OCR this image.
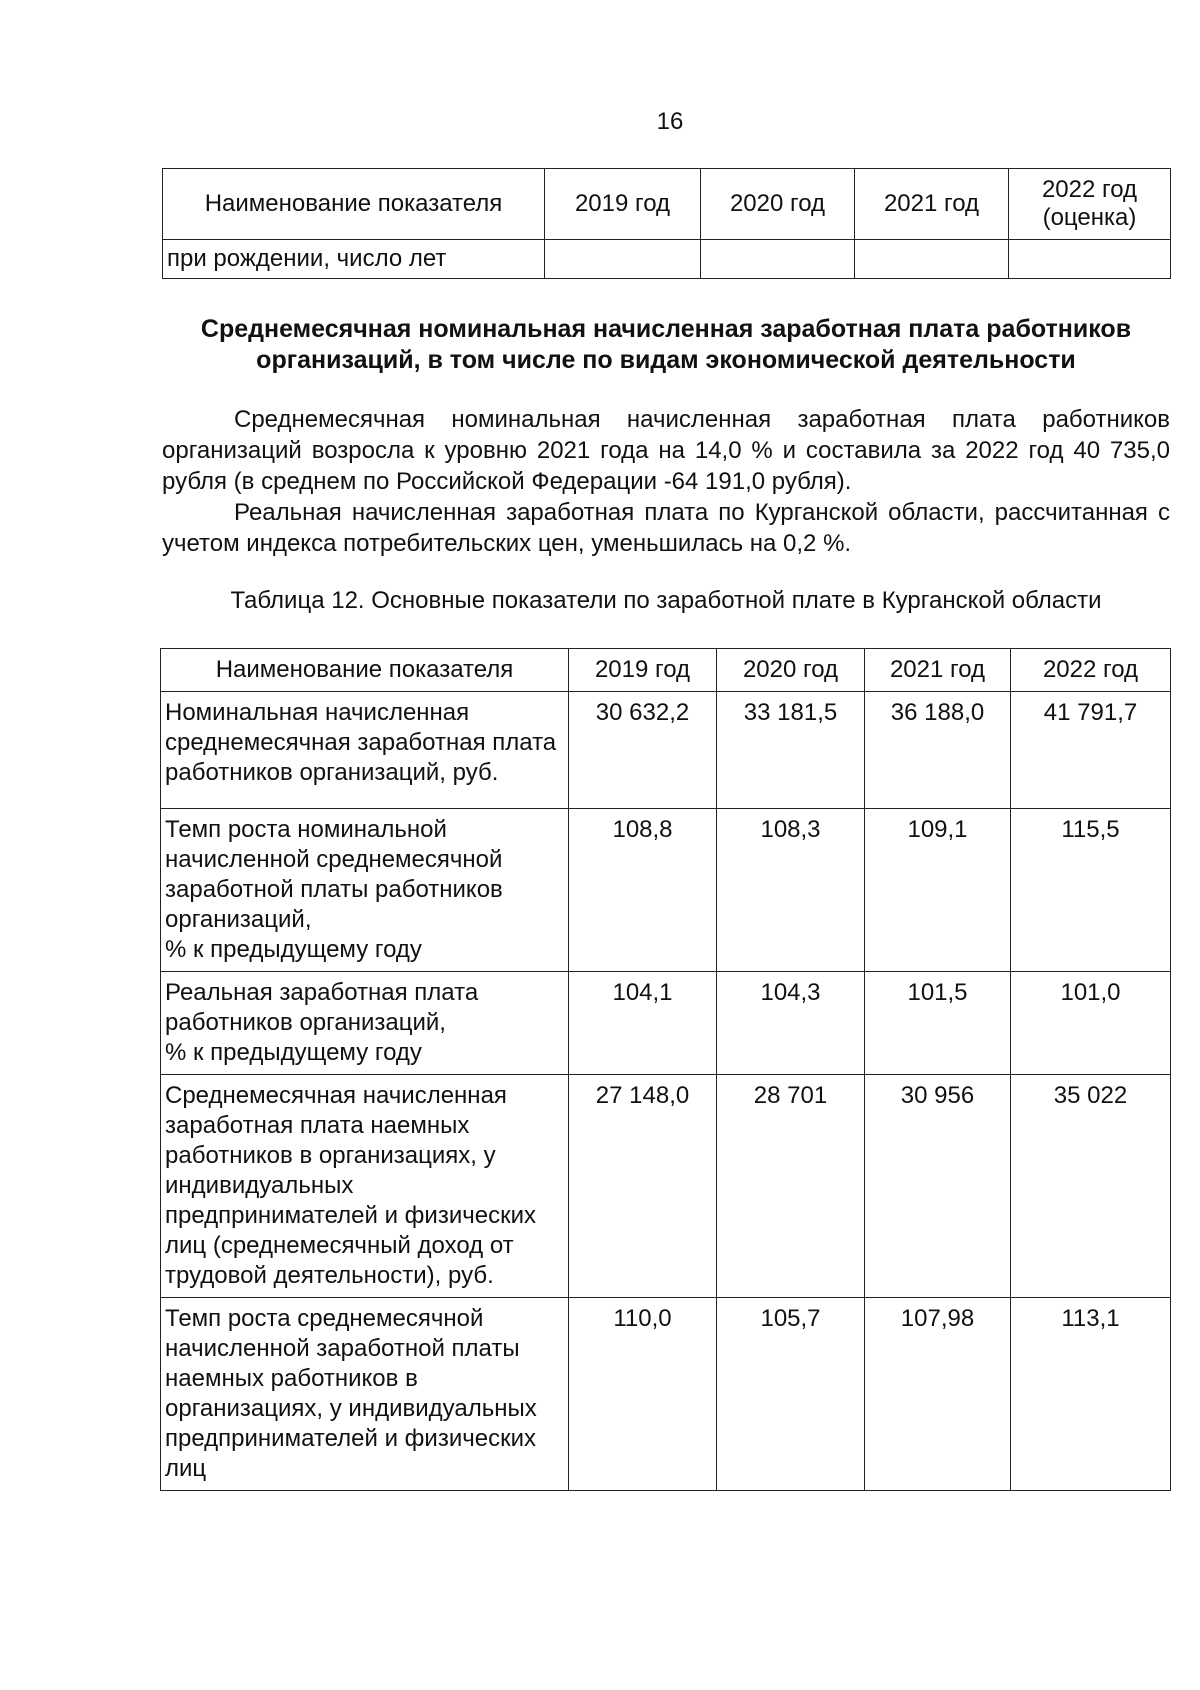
16
Наименование показателя	2019 год	2020 год	2021 год	2022 год (оценка)
при рождении, число лет				
Среднемесячная номинальная начисленная заработная плата работников
организаций, в том числе по видам экономической деятельности

Среднемесячная номинальная начисленная заработная плата работников организаций возросла к уровню 2021 года на 14,0 % и составила за 2022 год 40 735,0 рубля (в среднем по Российской Федерации -64 191,0 рубля).

Реальная начисленная заработная плата по Курганской области, рассчитанная с учетом индекса потребительских цен, уменьшилась на 0,2 %.

Таблица 12. Основные показатели по заработной плате в Курганской области
Наименование показателя	2019 год	2020 год	2021 год	2022 год
Номинальная начисленная среднемесячная заработная плата работников организаций, руб.	30 632,2	33 181,5	36 188,0	41 791,7
Темп роста номинальной начисленной среднемесячной заработной платы работников организаций,
% к предыдущему году	108,8	108,3	109,1	115,5
Реальная заработная плата работников организаций,
% к предыдущему году	104,1	104,3	101,5	101,0
Среднемесячная начисленная заработная плата наемных работников в организациях, у индивидуальных предпринимателей и физических лиц (среднемесячный доход от трудовой деятельности), руб.	27 148,0	28 701	30 956	35 022
Темп роста среднемесячной начисленной заработной платы наемных работников в организациях, у индивидуальных предпринимателей и физических лиц	110,0	105,7	107,98	113,1
